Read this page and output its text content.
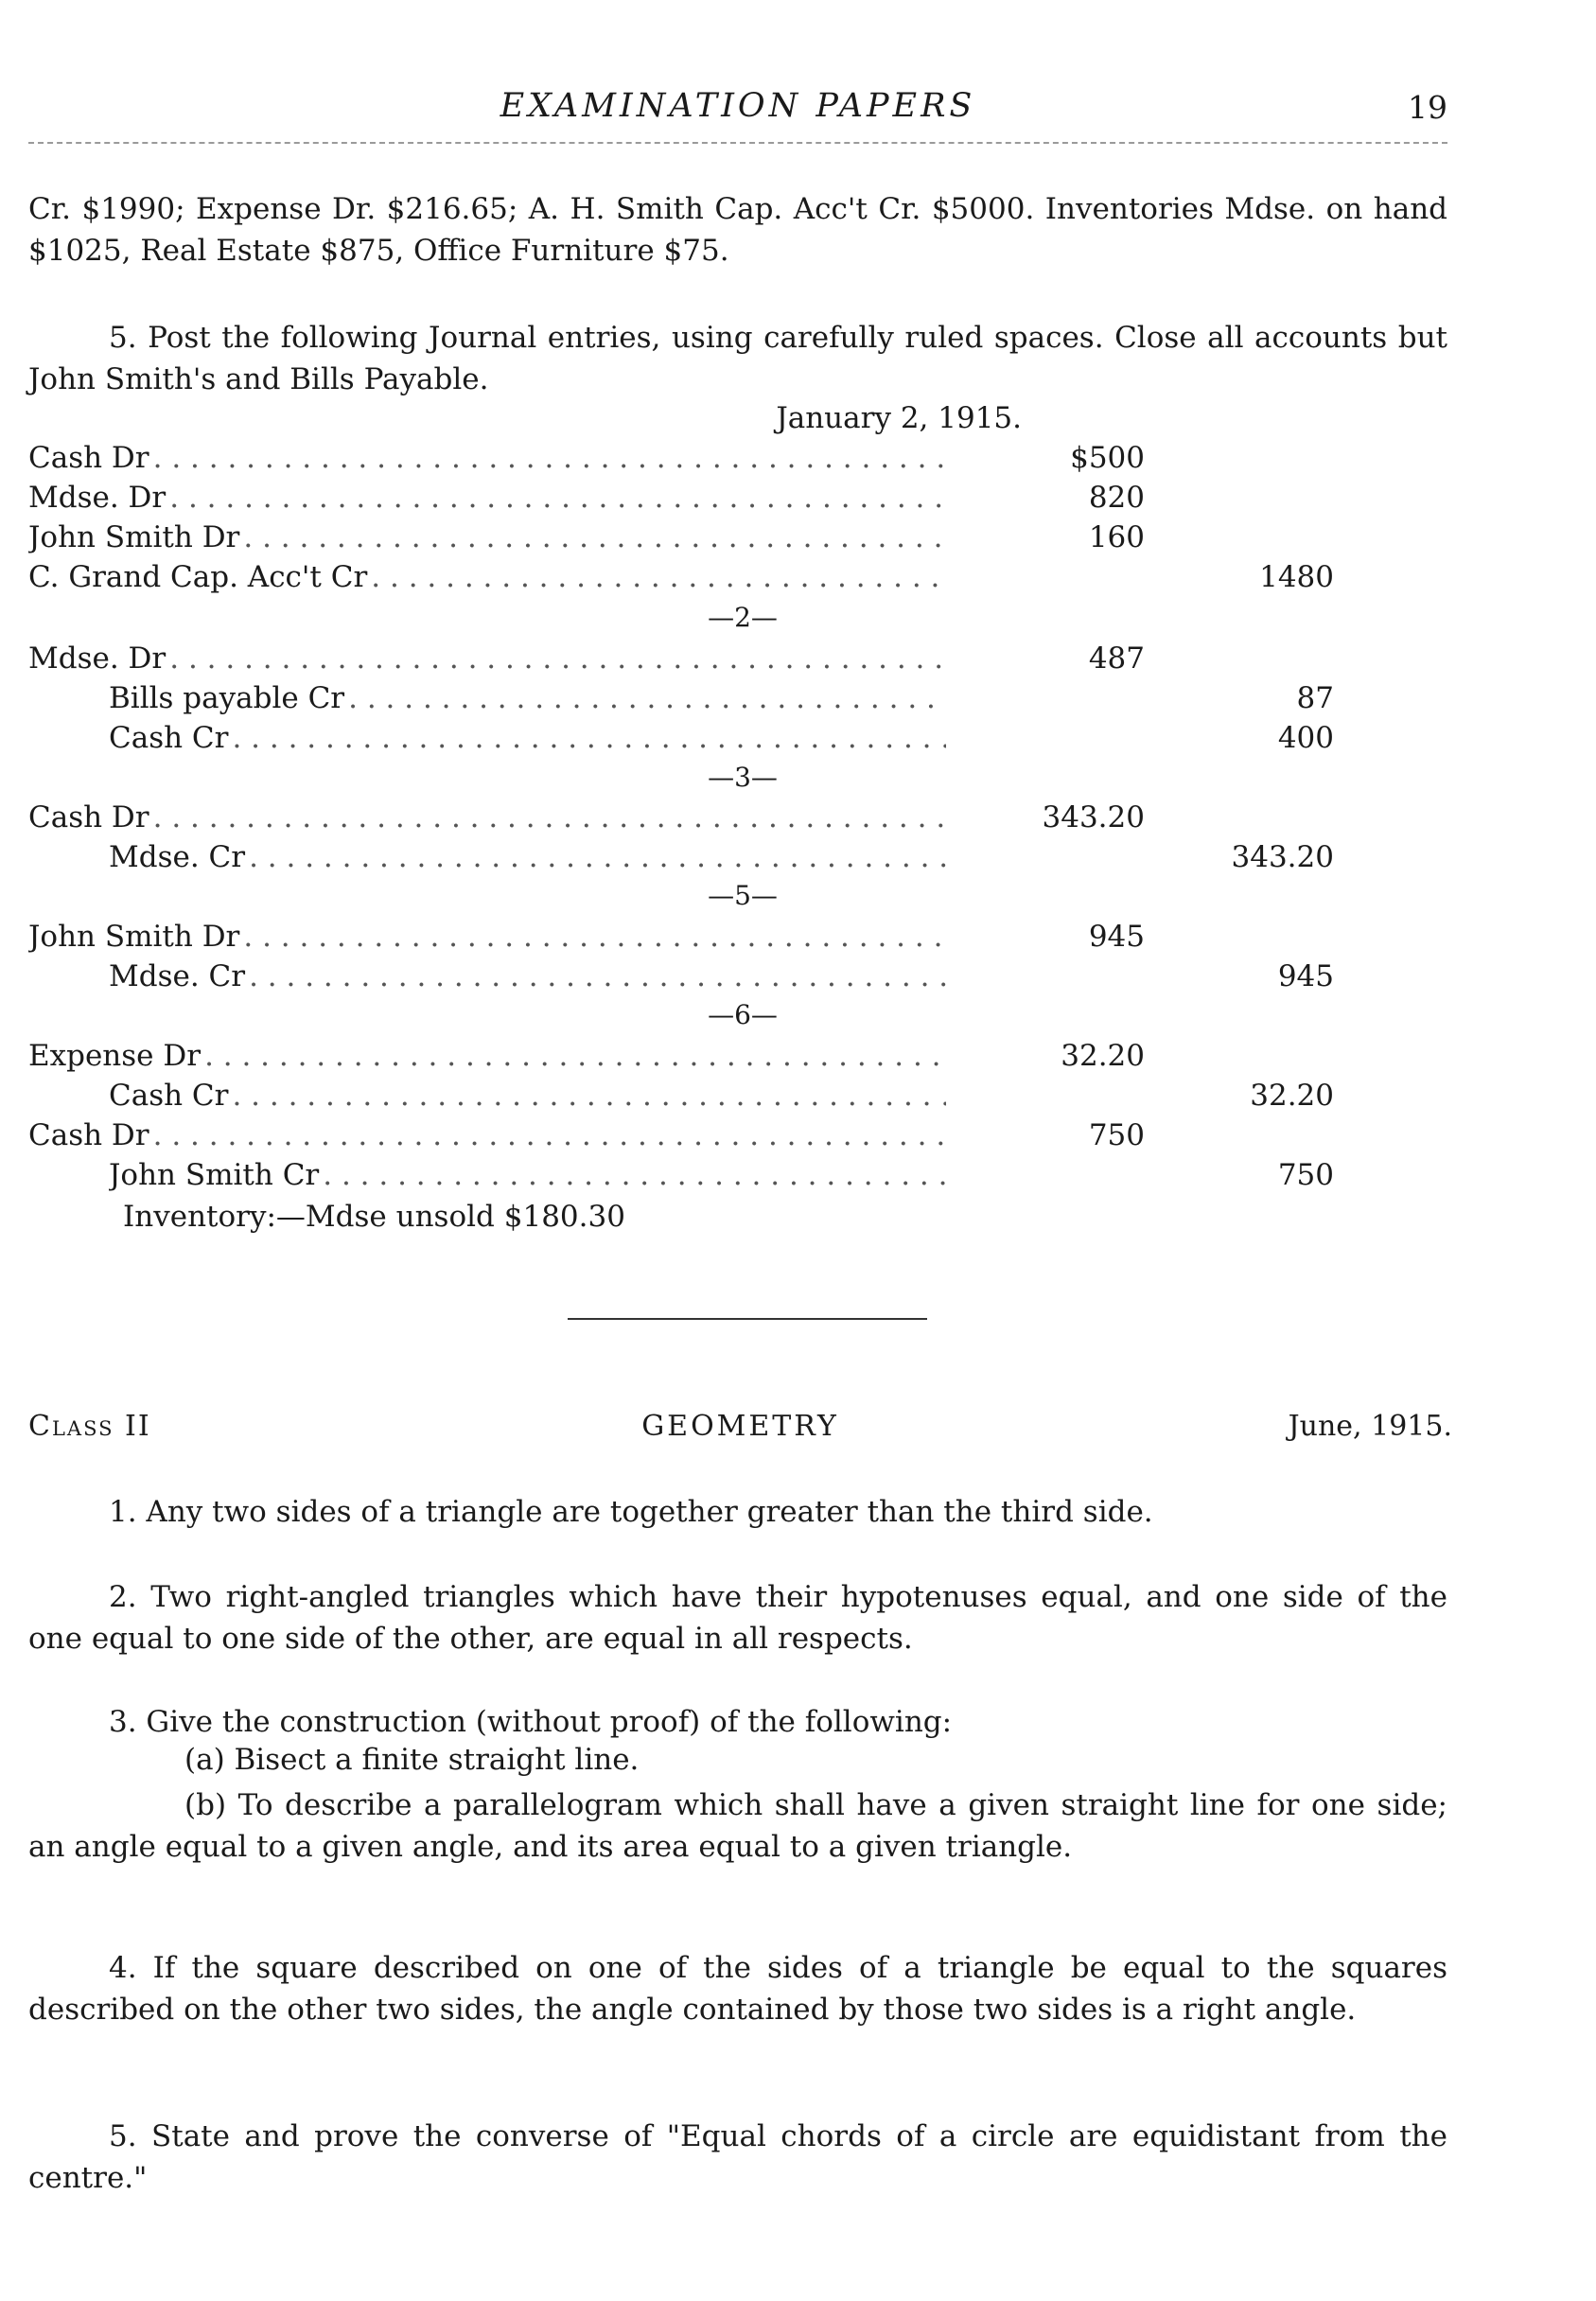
EXAMINATION PAPERS	19

Cr. $1990; Expense Dr. $216.65; A. H. Smith Cap. Acc't Cr. $5000. Inventories Mdse. on hand $1025, Real Estate $875, Office Furniture $75.

5. Post the following Journal entries, using carefully ruled spaces. Close all accounts but John Smith's and Bills Payable.

January 2, 1915.
Cash Dr . . .	$500
Mdse. Dr . . .	820
John Smith Dr . . .	160
C. Grand Cap. Acc't Cr . . .	1480
—2—
Mdse. Dr . . .	487
Bills payable Cr . . .	87
Cash Cr . . .	400
—3—
Cash Dr . . .	343.20
Mdse. Cr . . .	343.20
—5—
John Smith Dr . . .	945
Mdse. Cr . . .	945
—6—
Expense Dr . . .	32.20
Cash Cr . . .	32.20
Cash Dr . . .	750
John Smith Cr . . .	750
Inventory:—Mdse unsold $180.30
Class II	GEOMETRY	June, 1915.

1. Any two sides of a triangle are together greater than the third side.

2. Two right-angled triangles which have their hypotenuses equal, and one side of the one equal to one side of the other, are equal in all respects.

3. Give the construction (without proof) of the following:

(a) Bisect a finite straight line.

(b) To describe a parallelogram which shall have a given straight line for one side; an angle equal to a given angle, and its area equal to a given triangle.

4. If the square described on one of the sides of a triangle be equal to the squares described on the other two sides, the angle contained by those two sides is a right angle.

5. State and prove the converse of "Equal chords of a circle are equidistant from the centre."
